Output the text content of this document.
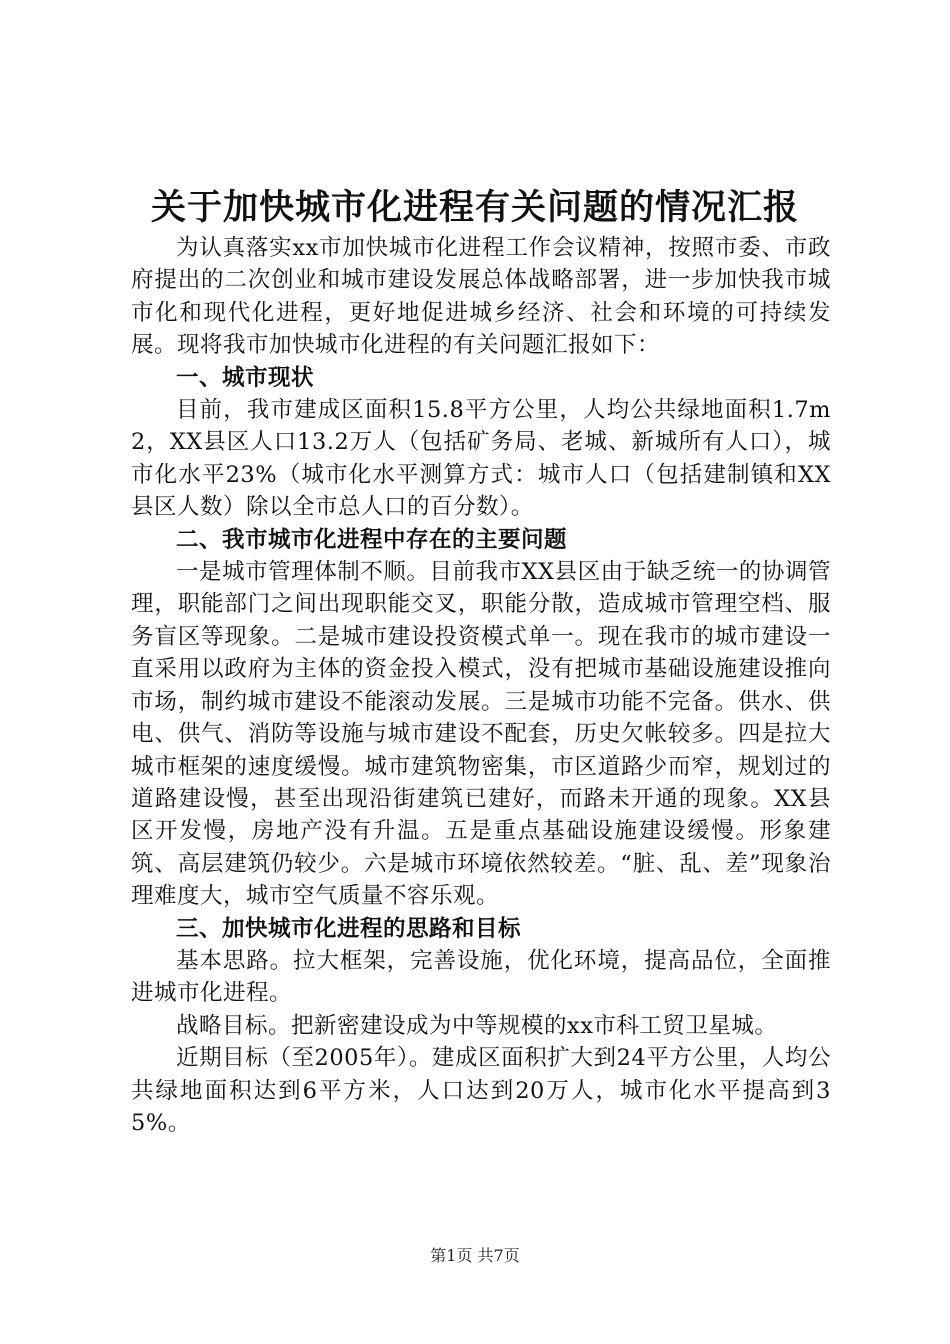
关于加快城市化进程有关问题的情况汇报

为认真落实xx市加快城市化进程工作会议精神，按照市委、市政府提出的二次创业和城市建设发展总体战略部署，进一步加快我市城市化和现代化进程，更好地促进城乡经济、社会和环境的可持续发展。现将我市加快城市化进程的有关问题汇报如下：

一、城市现状

目前，我市建成区面积15.8平方公里，人均公共绿地面积1.7m2，XX县区人口13.2万人（包括矿务局、老城、新城所有人口），城市化水平23%（城市化水平测算方式：城市人口（包括建制镇和XX县区人数）除以全市总人口的百分数）。

二、我市城市化进程中存在的主要问题

一是城市管理体制不顺。目前我市XX县区由于缺乏统一的协调管理，职能部门之间出现职能交叉，职能分散，造成城市管理空档、服务盲区等现象。二是城市建设投资模式单一。现在我市的城市建设一直采用以政府为主体的资金投入模式，没有把城市基础设施建设推向市场，制约城市建设不能滚动发展。三是城市功能不完备。供水、供电、供气、消防等设施与城市建设不配套，历史欠帐较多。四是拉大城市框架的速度缓慢。城市建筑物密集，市区道路少而窄，规划过的道路建设慢，甚至出现沿街建筑已建好，而路未开通的现象。XX县区开发慢，房地产没有升温。五是重点基础设施建设缓慢。形象建筑、高层建筑仍较少。六是城市环境依然较差。“脏、乱、差”现象治理难度大，城市空气质量不容乐观。

三、加快城市化进程的思路和目标

基本思路。拉大框架，完善设施，优化环境，提高品位，全面推进城市化进程。

战略目标。把新密建设成为中等规模的xx市科工贸卫星城。

近期目标（至2005年）。建成区面积扩大到24平方公里，人均公共绿地面积达到6平方米，人口达到20万人，城市化水平提高到35%。

第1页 共7页
